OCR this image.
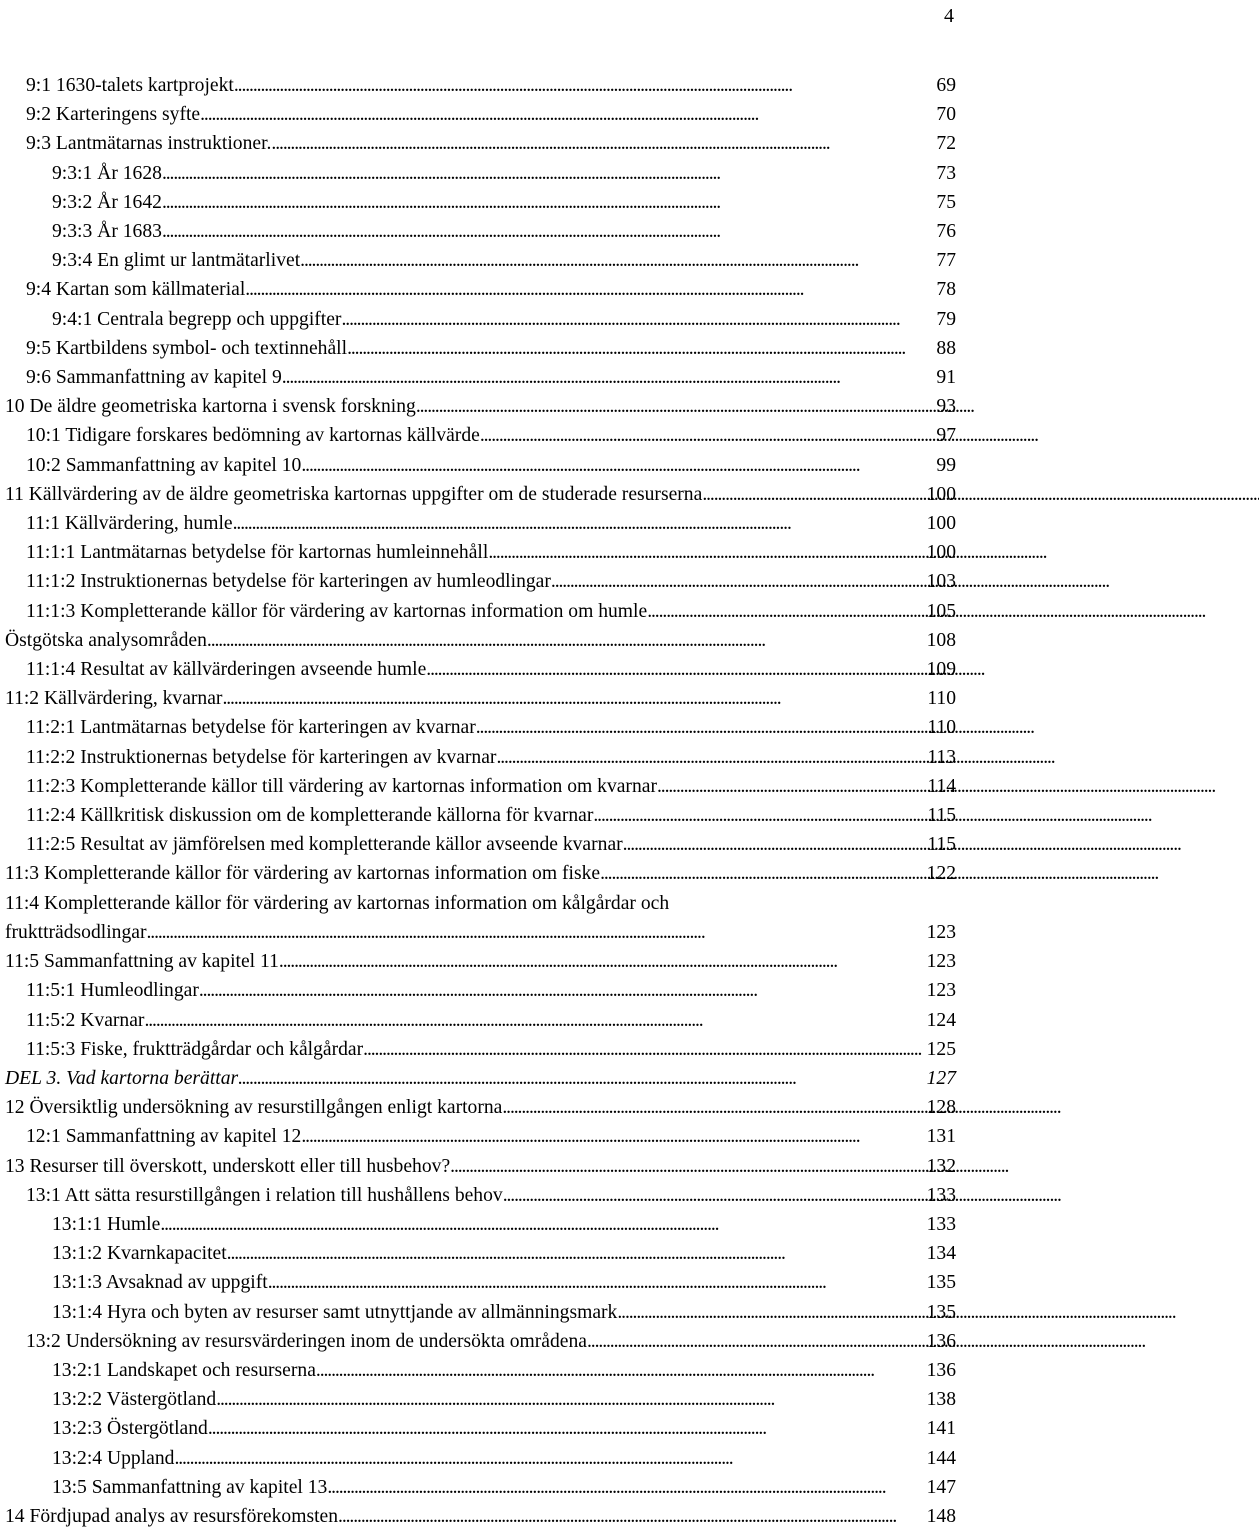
4
9:1 1630-talets kartprojekt . . .	69
9:2 Karteringens syfte . . .	70
9:3 Lantmätarnas instruktioner. . . .	72
9:3:1 År 1628 . . .	73
9:3:2 År 1642 . . .	75
9:3:3 År 1683 . . .	76
9:3:4 En glimt ur lantmätarlivet . . .	77
9:4 Kartan som källmaterial . . .	78
9:4:1 Centrala begrepp och uppgifter . . .	79
9:5 Kartbildens symbol- och textinnehåll . . .	88
9:6 Sammanfattning av kapitel 9 . . .	91
10 De äldre geometriska kartorna i svensk forskning . . .	93
10:1 Tidigare forskares bedömning av kartornas källvärde . . .	97
10:2 Sammanfattning av kapitel 10 . . .	99
11 Källvärdering av de äldre geometriska kartornas uppgifter om de studerade resurserna . . .	100
11:1 Källvärdering, humle . . .	100
11:1:1 Lantmätarnas betydelse för kartornas humleinnehåll . . .	100
11:1:2 Instruktionernas betydelse för karteringen av humleodlingar . . .	103
11:1:3 Kompletterande källor för värdering av kartornas information om humle . . .	105
Östgötska analysområden . . .	108
11:1:4 Resultat av källvärderingen avseende humle . . .	109
11:2 Källvärdering, kvarnar . . .	110
11:2:1 Lantmätarnas betydelse för karteringen av kvarnar . . .	110
11:2:2 Instruktionernas betydelse för karteringen av kvarnar . . .	113
11:2:3 Kompletterande källor till värdering av kartornas information om kvarnar . . .	114
11:2:4 Källkritisk diskussion om de kompletterande källorna för kvarnar . . .	115
11:2:5 Resultat av jämförelsen med kompletterande källor avseende kvarnar . . .	115
11:3 Kompletterande källor för värdering av kartornas information om fiske . . .	122
11:4 Kompletterande källor för värdering av kartornas information om kålgårdar och
fruktträdsodlingar . . .	123
11:5 Sammanfattning av kapitel 11 . . .	123
11:5:1 Humleodlingar . . .	123
11:5:2 Kvarnar . . .	124
11:5:3 Fiske, fruktträdgårdar och kålgårdar . . .	125
DEL 3. Vad kartorna berättar . . .	127
12 Översiktlig undersökning av resurstillgången enligt kartorna . . .	128
12:1 Sammanfattning av kapitel 12 . . .	131
13 Resurser till överskott, underskott eller till husbehov? . . .	132
13:1 Att sätta resurstillgången i relation till hushållens behov . . .	133
13:1:1 Humle . . .	133
13:1:2 Kvarnkapacitet . . .	134
13:1:3 Avsaknad av uppgift . . .	135
13:1:4 Hyra och byten av resurser samt utnyttjande av allmänningsmark . . .	135
13:2 Undersökning av resursvärderingen inom de undersökta områdena . . .	136
13:2:1 Landskapet och resurserna . . .	136
13:2:2 Västergötland . . .	138
13:2:3 Östergötland . . .	141
13:2:4 Uppland . . .	144
13:5 Sammanfattning av kapitel 13 . . .	147
14 Fördjupad analys av resursförekomsten . . .	148
